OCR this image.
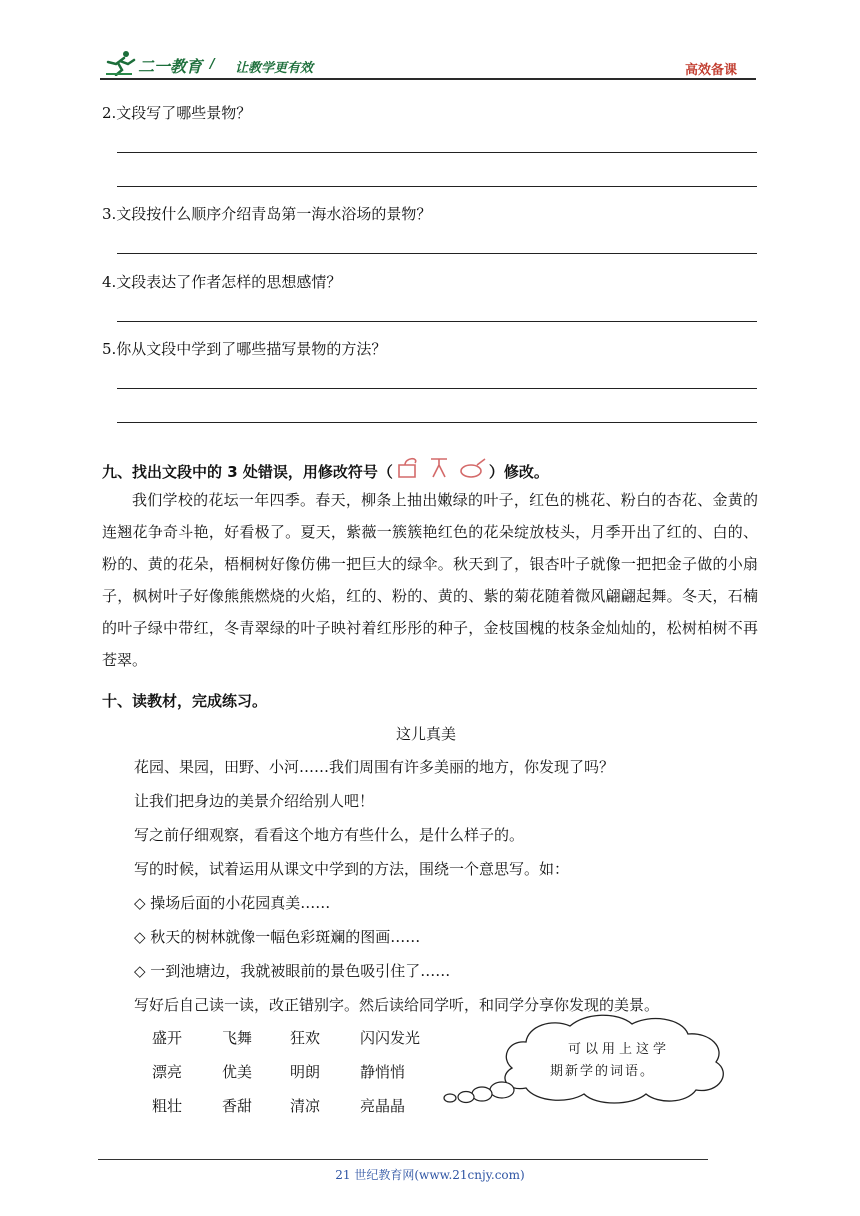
二一教育 / 让教学更有效	高效备课
2.文段写了哪些景物？
3.文段按什么顺序介绍青岛第一海水浴场的景物？
4.文段表达了作者怎样的思想感情？
5.你从文段中学到了哪些描写景物的方法？
九、找出文段中的 3 处错误，用修改符号（	）修改。
我们学校的花坛一年四季。春天，柳条上抽出嫩绿的叶子，红色的桃花、粉白的杏花、金黄的连翘花争奇斗艳，好看极了。夏天，紫薇一簇簇艳红色的花朵绽放枝头，月季开出了红的、白的、粉的、黄的花朵，梧桐树好像仿佛一把巨大的绿伞。秋天到了，银杏叶子就像一把把金子做的小扇子，枫树叶子好像熊熊燃烧的火焰，红的、粉的、黄的、紫的菊花随着微风翩翩起舞。冬天，石楠的叶子绿中带红，冬青翠绿的叶子映衬着红彤彤的种子，金枝国槐的枝条金灿灿的，松树柏树不再苍翠。
十、读教材，完成练习。
这儿真美
花园、果园，田野、小河……我们周围有许多美丽的地方，你发现了吗？
让我们把身边的美景介绍给别人吧！
写之前仔细观察，看看这个地方有些什么，是什么样子的。
写的时候，试着运用从课文中学到的方法，围绕一个意思写。如：
◇ 操场后面的小花园真美……
◇ 秋天的树林就像一幅色彩斑斓的图画……
◇ 一到池塘边，我就被眼前的景色吸引住了……
写好后自己读一读，改正错别字。然后读给同学听，和同学分享你发现的美景。
盛开	飞舞	狂欢	闪闪发光
漂亮	优美	明朗	静悄悄
粗壮	香甜	清凉	亮晶晶
可以用上这学
期新学的词语。
21 世纪教育网(www.21cnjy.com)
